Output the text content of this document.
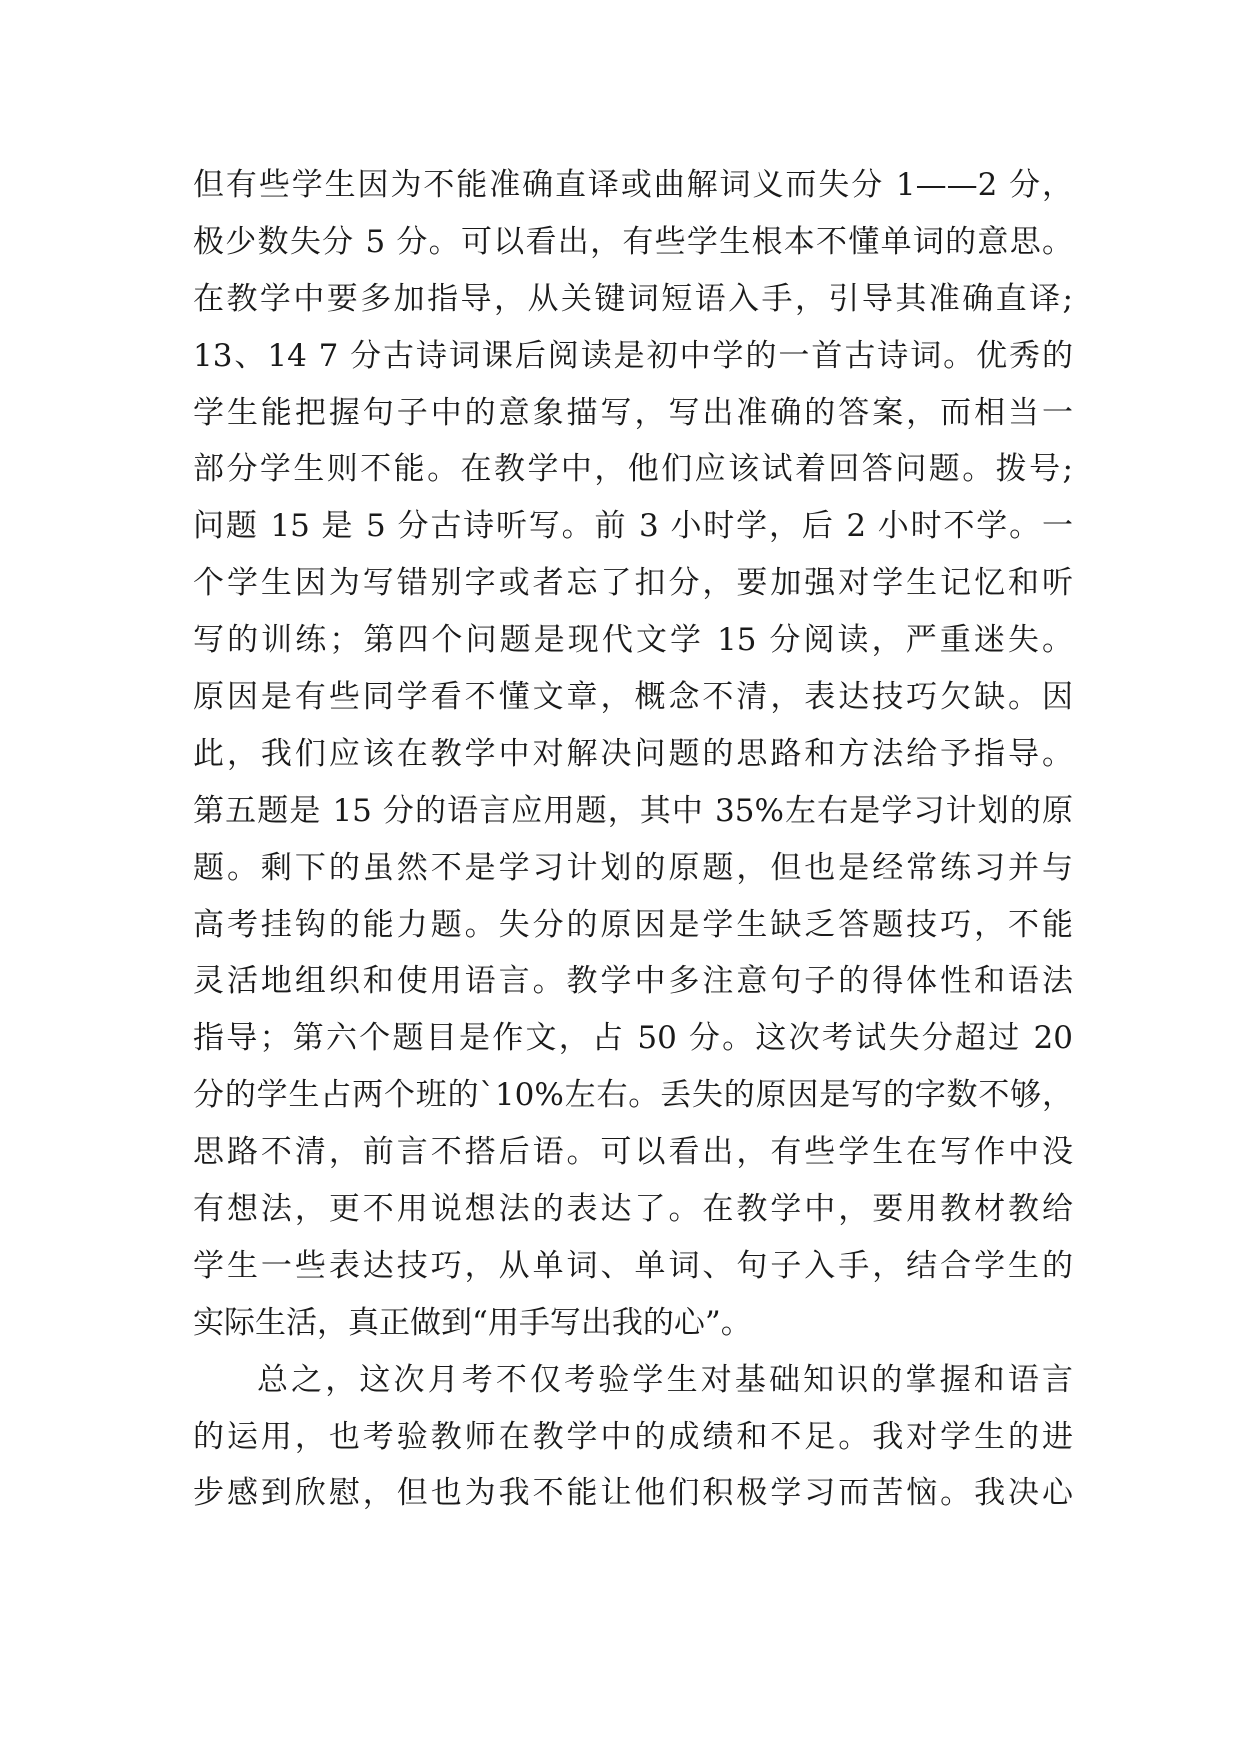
但有些学生因为不能准确直译或曲解词义而失分 1——2 分，
极少数失分 5 分。可以看出，有些学生根本不懂单词的意思。
在教学中要多加指导，从关键词短语入手，引导其准确直译;
13、14 7 分古诗词课后阅读是初中学的一首古诗词。优秀的
学生能把握句子中的意象描写，写出准确的答案，而相当一
部分学生则不能。在教学中，他们应该试着回答问题。拨号;
问题 15 是 5 分古诗听写。前 3 小时学，后 2 小时不学。一
个学生因为写错别字或者忘了扣分，要加强对学生记忆和听
写的训练；第四个问题是现代文学 15 分阅读，严重迷失。
原因是有些同学看不懂文章，概念不清，表达技巧欠缺。因
此，我们应该在教学中对解决问题的思路和方法给予指导。
第五题是 15 分的语言应用题，其中 35%左右是学习计划的原
题。剩下的虽然不是学习计划的原题，但也是经常练习并与
高考挂钩的能力题。失分的原因是学生缺乏答题技巧，不能
灵活地组织和使用语言。教学中多注意句子的得体性和语法
指导；第六个题目是作文，占 50 分。这次考试失分超过 20
分的学生占两个班的`10%左右。丢失的原因是写的字数不够，
思路不清，前言不搭后语。可以看出，有些学生在写作中没
有想法，更不用说想法的表达了。在教学中，要用教材教给
学生一些表达技巧，从单词、单词、句子入手，结合学生的
实际生活，真正做到“用手写出我的心”。
总之，这次月考不仅考验学生对基础知识的掌握和语言
的运用，也考验教师在教学中的成绩和不足。我对学生的进
步感到欣慰，但也为我不能让他们积极学习而苦恼。我决心
